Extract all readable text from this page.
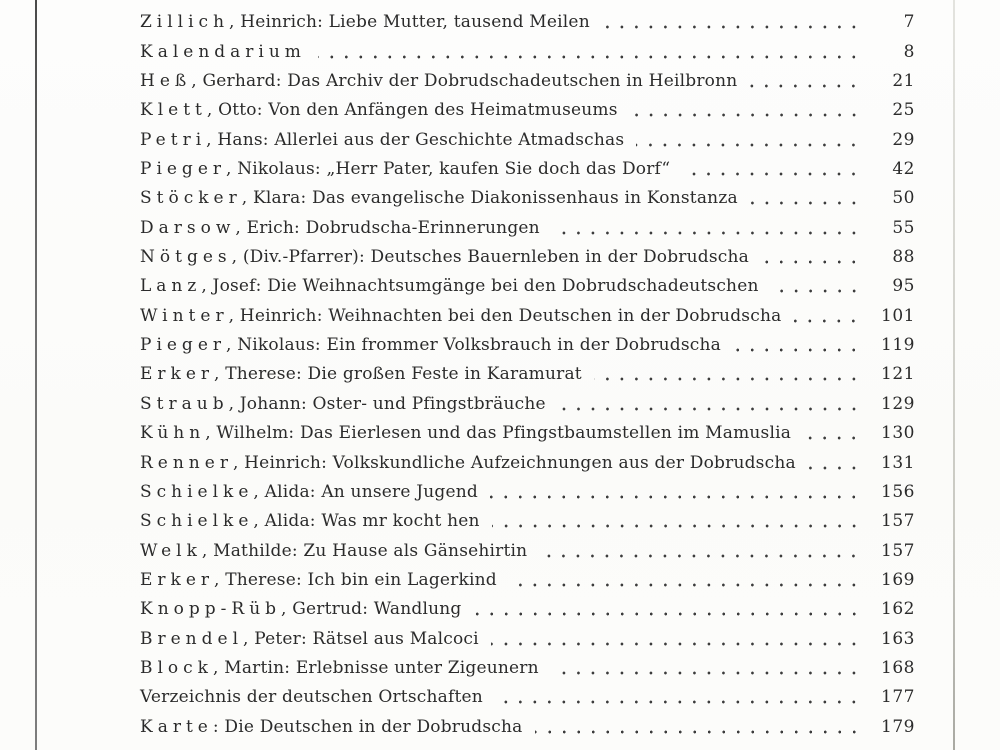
Zillich , Heinrich: Liebe Mutter, tausend Meilen	7
Kalendarium	8
Heß , Gerhard: Das Archiv der Dobrudschadeutschen in Heilbronn	21
Klett , Otto: Von den Anfängen des Heimatmuseums	25
Petri , Hans: Allerlei aus der Geschichte Atmadschas	29
Pieger , Nikolaus: „Herr Pater, kaufen Sie doch das Dorf“	42
Stöcker , Klara: Das evangelische Diakonissenhaus in Konstanza	50
Darsow , Erich: Dobrudscha-Erinnerungen	55
Nötges , (Div.-Pfarrer): Deutsches Bauernleben in der Dobrudscha	88
Lanz , Josef: Die Weihnachtsumgänge bei den Dobrudschadeutschen	95
Winter , Heinrich: Weihnachten bei den Deutschen in der Dobrudscha	101
Pieger , Nikolaus: Ein frommer Volksbrauch in der Dobrudscha	119
Erker , Therese: Die großen Feste in Karamurat	121
Straub , Johann: Oster- und Pfingstbräuche	129
Kühn , Wilhelm: Das Eierlesen und das Pfingstbaumstellen im Mamuslia	130
Renner , Heinrich: Volkskundliche Aufzeichnungen aus der Dobrudscha	131
Schielke , Alida: An unsere Jugend	156
Schielke , Alida: Was mr kocht hen	157
Welk , Mathilde: Zu Hause als Gänsehirtin	157
Erker , Therese: Ich bin ein Lagerkind	169
Knopp-Rüb , Gertrud: Wandlung	162
Brendel , Peter: Rätsel aus Malcoci	163
Block , Martin: Erlebnisse unter Zigeunern	168
Verzeichnis der deutschen Ortschaften	177
Karte : Die Deutschen in der Dobrudscha	179
